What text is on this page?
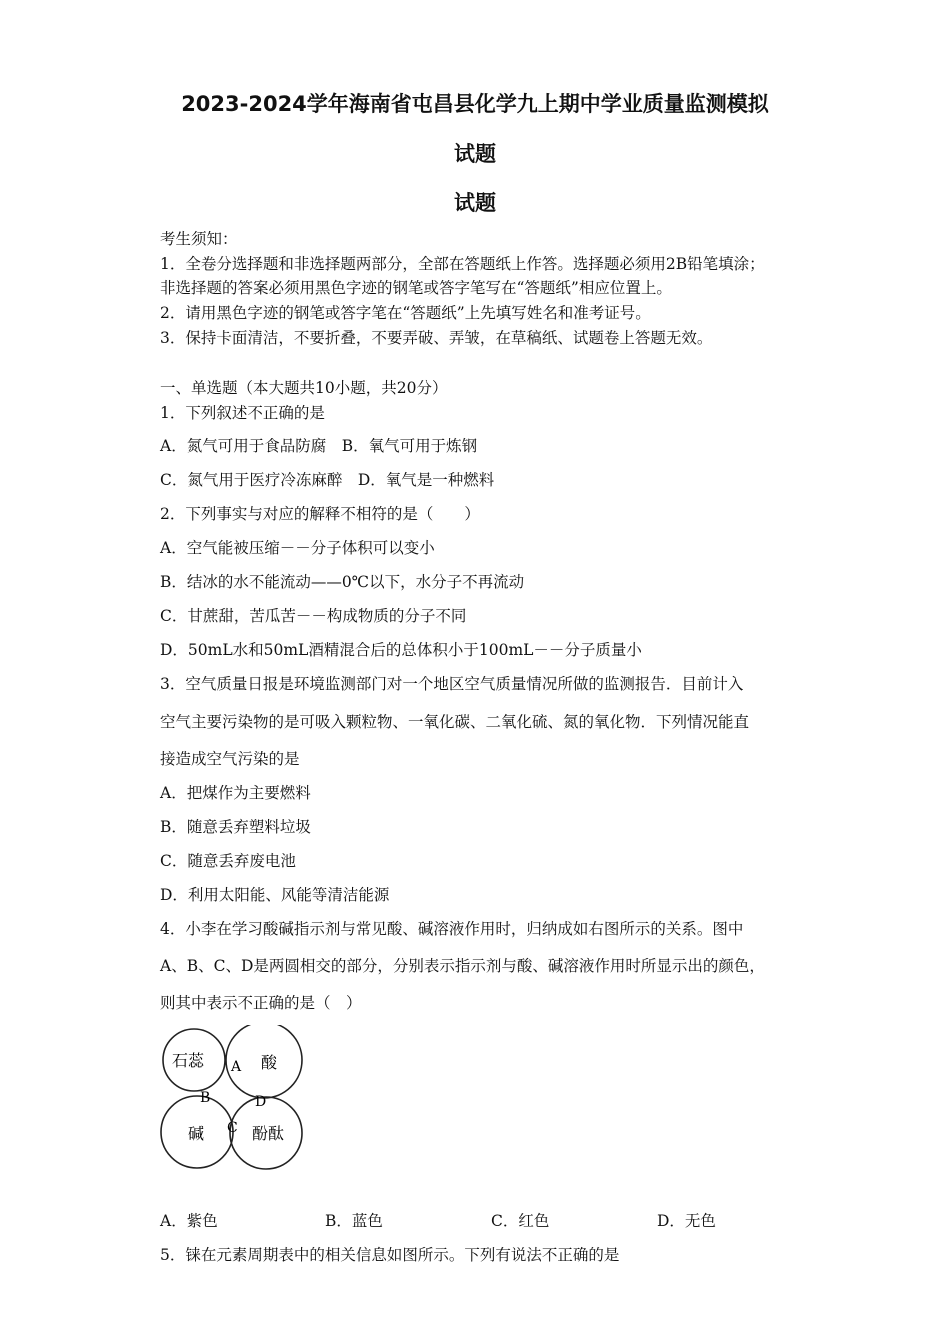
2023-2024学年海南省屯昌县化学九上期中学业质量监测模拟
试题
试题
考生须知：
1．全卷分选择题和非选择题两部分，全部在答题纸上作答。选择题必须用2B铅笔填涂；
非选择题的答案必须用黑色字迹的钢笔或答字笔写在“答题纸”相应位置上。
2．请用黑色字迹的钢笔或答字笔在“答题纸”上先填写姓名和准考证号。
3．保持卡面清洁，不要折叠，不要弄破、弄皱，在草稿纸、试题卷上答题无效。
一、单选题（本大题共10小题，共20分）
1．下列叙述不正确的是
A．氮气可用于食品防腐　B．氧气可用于炼钢
C．氮气用于医疗冷冻麻醉　D．氧气是一种燃料
2．下列事实与对应的解释不相符的是（　　）
A．空气能被压缩－－分子体积可以变小
B．结冰的水不能流动——0℃以下，水分子不再流动
C．甘蔗甜，苦瓜苦－－构成物质的分子不同
D．50mL水和50mL酒精混合后的总体积小于100mL－－分子质量小
3．空气质量日报是环境监测部门对一个地区空气质量情况所做的监测报告．目前计入
空气主要污染物的是可吸入颗粒物、一氧化碳、二氧化硫、氮的氧化物．下列情况能直
接造成空气污染的是
A．把煤作为主要燃料
B．随意丢弃塑料垃圾
C．随意丢弃废电池
D．利用太阳能、风能等清洁能源
4．小李在学习酸碱指示剂与常见酸、碱溶液作用时，归纳成如右图所示的关系。图中
A、B、C、D是两圆相交的部分，分别表示指示剂与酸、碱溶液作用时所显示出的颜色，
则其中表示不正确的是（　）
石蕊	酸
碱	酚酞
A
B
C
D
A．紫色	B．蓝色	C．红色	D．无色
5．铼在元素周期表中的相关信息如图所示。下列有说法不正确的是
